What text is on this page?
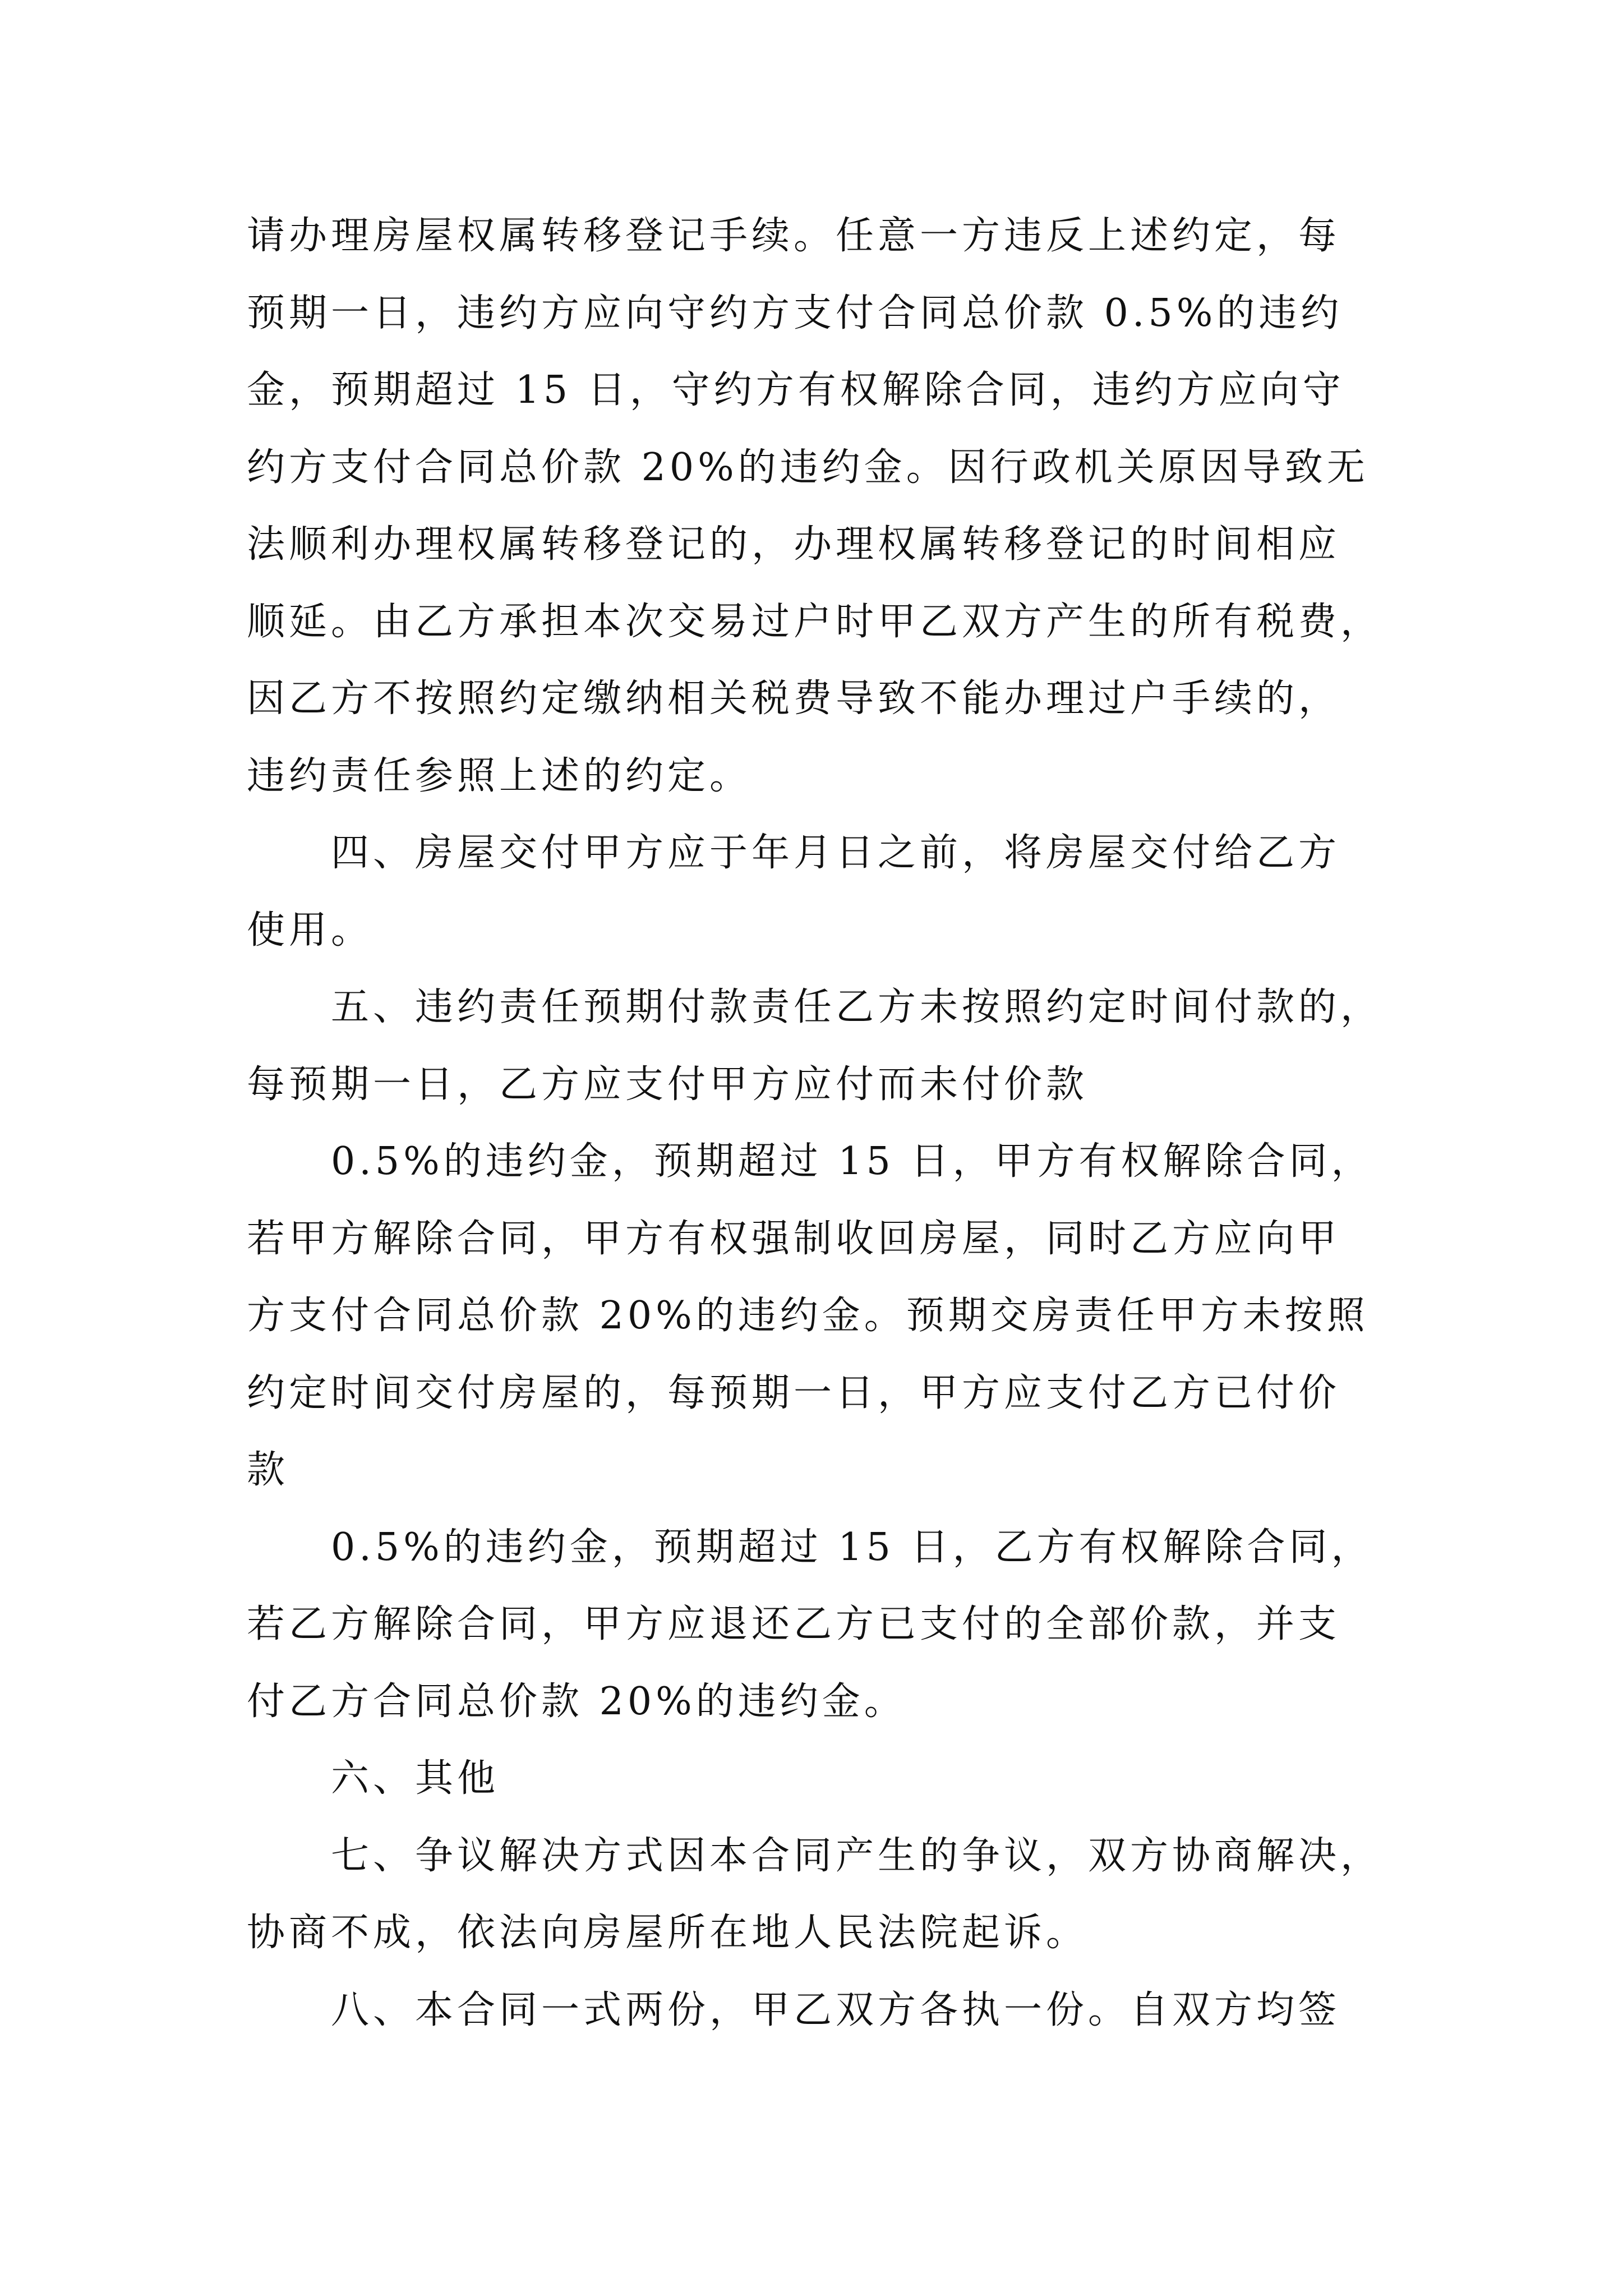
请办理房屋权属转移登记手续。任意一方违反上述约定，每
预期一日，违约方应向守约方支付合同总价款 0.5%的违约
金，预期超过 15 日，守约方有权解除合同，违约方应向守
约方支付合同总价款 20%的违约金。因行政机关原因导致无
法顺利办理权属转移登记的，办理权属转移登记的时间相应
顺延。由乙方承担本次交易过户时甲乙双方产生的所有税费，
因乙方不按照约定缴纳相关税费导致不能办理过户手续的，
违约责任参照上述的约定。
四、房屋交付甲方应于年月日之前，将房屋交付给乙方
使用。
五、违约责任预期付款责任乙方未按照约定时间付款的，
每预期一日，乙方应支付甲方应付而未付价款
0.5%的违约金，预期超过 15 日，甲方有权解除合同，
若甲方解除合同，甲方有权强制收回房屋，同时乙方应向甲
方支付合同总价款 20%的违约金。预期交房责任甲方未按照
约定时间交付房屋的，每预期一日，甲方应支付乙方已付价
款
0.5%的违约金，预期超过 15 日，乙方有权解除合同，
若乙方解除合同，甲方应退还乙方已支付的全部价款，并支
付乙方合同总价款 20%的违约金。
六、其他
七、争议解决方式因本合同产生的争议，双方协商解决，
协商不成，依法向房屋所在地人民法院起诉。
八、本合同一式两份，甲乙双方各执一份。自双方均签
